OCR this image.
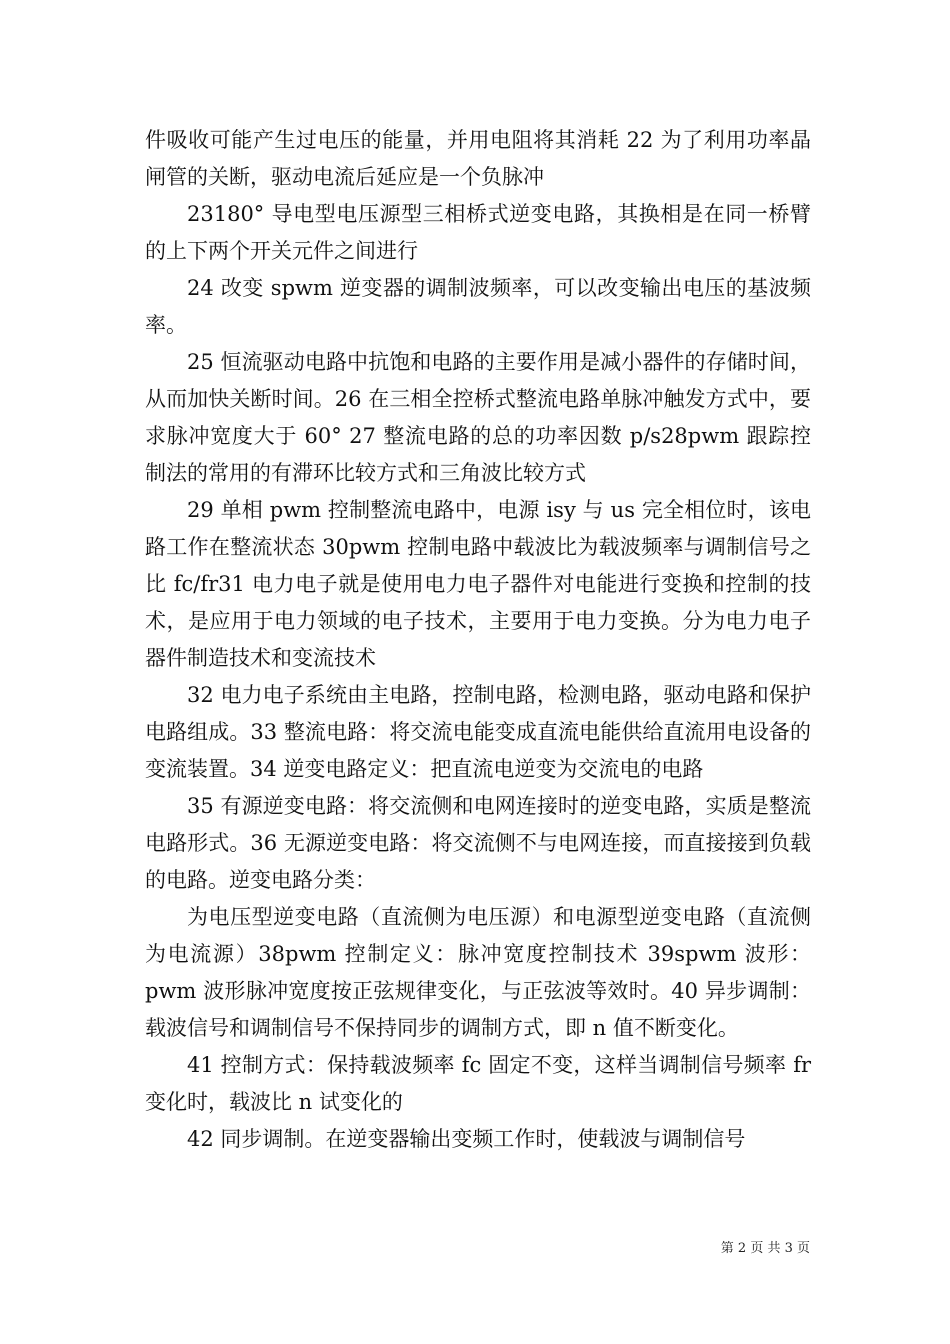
件吸收可能产生过电压的能量，并用电阻将其消耗 22 为了利用功率晶闸管的关断，驱动电流后延应是一个负脉冲

23180° 导电型电压源型三相桥式逆变电路，其换相是在同一桥臂的上下两个开关元件之间进行

24 改变 spwm 逆变器的调制波频率，可以改变输出电压的基波频率。

25 恒流驱动电路中抗饱和电路的主要作用是减小器件的存储时间，从而加快关断时间。26 在三相全控桥式整流电路单脉冲触发方式中，要求脉冲宽度大于 60° 27 整流电路的总的功率因数 p/s28pwm 跟踪控制法的常用的有滞环比较方式和三角波比较方式

29 单相 pwm 控制整流电路中，电源 isy 与 us 完全相位时，该电路工作在整流状态 30pwm 控制电路中载波比为载波频率与调制信号之比 fc/fr31 电力电子就是使用电力电子器件对电能进行变换和控制的技术，是应用于电力领域的电子技术，主要用于电力变换。分为电力电子器件制造技术和变流技术

32 电力电子系统由主电路，控制电路，检测电路，驱动电路和保护电路组成。33 整流电路：将交流电能变成直流电能供给直流用电设备的变流装置。34 逆变电路定义：把直流电逆变为交流电的电路

35 有源逆变电路：将交流侧和电网连接时的逆变电路，实质是整流电路形式。36 无源逆变电路：将交流侧不与电网连接，而直接接到负载的电路。逆变电路分类：

为电压型逆变电路（直流侧为电压源）和电源型逆变电路（直流侧为电流源）38pwm 控制定义：脉冲宽度控制技术 39spwm 波形：pwm 波形脉冲宽度按正弦规律变化，与正弦波等效时。40 异步调制：载波信号和调制信号不保持同步的调制方式，即 n 值不断变化。

41 控制方式：保持载波频率 fc 固定不变，这样当调制信号频率 fr 变化时，载波比 n 试变化的

42 同步调制。在逆变器输出变频工作时，使载波与调制信号

第 2 页 共 3 页
